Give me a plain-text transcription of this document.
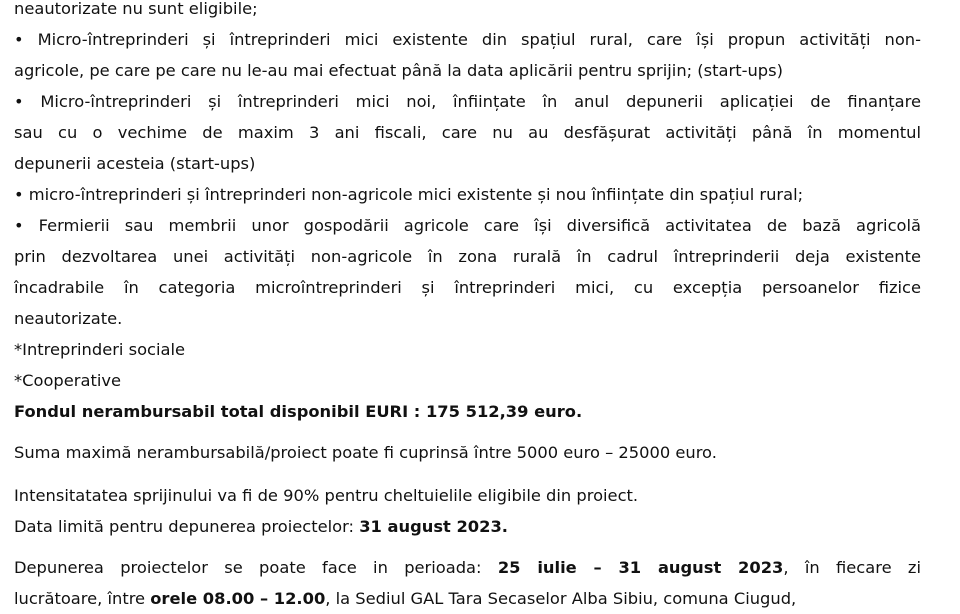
neautorizate nu sunt eligibile;
• Micro-întreprinderi și întreprinderi mici existente din spațiul rural, care își propun activități non-
agricole, pe care pe care nu le-au mai efectuat până la data aplicării pentru sprijin; (start-ups)
• Micro-întreprinderi și întreprinderi mici noi, înființate în anul depunerii aplicației de finanțare
sau cu o vechime de maxim 3 ani fiscali, care nu au desfășurat activități până în momentul
depunerii acesteia (start-ups)
• micro-întreprinderi și întreprinderi non-agricole mici existente și nou înființate din spațiul rural;
• Fermierii sau membrii unor gospodării agricole care își diversifică activitatea de bază agricolă
prin dezvoltarea unei activități non-agricole în zona rurală în cadrul întreprinderii deja existente
încadrabile în categoria microîntreprinderi și întreprinderi mici, cu excepția persoanelor fizice
neautorizate.
*Intreprinderi sociale
*Cooperative
Fondul nerambursabil total disponibil EURI : 175 512,39 euro.
Suma maximă nerambursabilă/proiect poate fi cuprinsă între 5000 euro – 25000 euro.
Intensitatatea sprijinului va fi de 90% pentru cheltuielile eligibile din proiect.
Data limită pentru depunerea proiectelor: 31 august 2023.
Depunerea proiectelor se poate face in perioada: 25 iulie – 31 august 2023, în fiecare zi
lucrătoare, între orele 08.00 – 12.00, la Sediul GAL Tara Secaselor Alba Sibiu, comuna Ciugud,
